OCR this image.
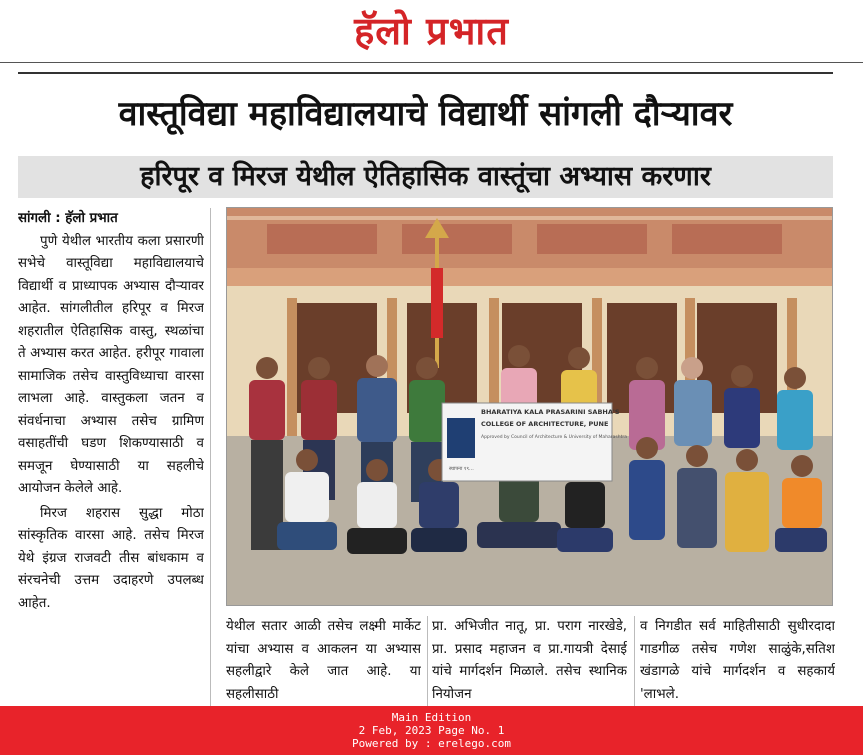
हॅलो प्रभात
वास्तूविद्या महाविद्यालयाचे विद्यार्थी सांगली दौऱ्यावर
हरिपूर व मिरज येथील ऐतिहासिक वास्तूंचा अभ्यास करणार
सांगली : हॅलो प्रभात

पुणे येथील भारतीय कला प्रसारणी सभेचे वास्तूविद्या महाविद्यालयाचे विद्यार्थी व प्राध्यापक अभ्यास दौऱ्यावर आहेत. सांगलीतील हरिपूर व मिरज शहरातील ऐतिहासिक वास्तु, स्थळांचा ते अभ्यास करत आहेत. हरीपूर गावाला सामाजिक तसेच वास्तुविध्याचा वारसा लाभला आहे. वास्तुकला जतन व संवर्धनाचा अभ्यास तसेच ग्रामिण वसाहतींची घडण शिकण्यासाठी व समजून घेण्यासाठी या सहलीचे आयोजन केलेले आहे.

मिरज शहरास सुद्धा मोठा सांस्कृतिक वारसा आहे. तसेच मिरज येथे इंग्रज राजवटी तीस बांधकाम व संरचनेची उत्तम उदाहरणे उपलब्ध आहेत.

BHARATIYA KALA PRASARINI SABHA'S
COLLEGE OF ARCHITECTURE, PUNE
Approved by Council of Architecture & University of Maharashtra
स्थापना १९...
येथील सतार आळी तसेच लक्ष्मी मार्केट यांचा अभ्यास व आकलन या अभ्यास सहलीद्वारे केले जात आहे. या सहलीसाठी
प्रा. अभिजीत नातू, प्रा. पराग नारखेडे, प्रा. प्रसाद महाजन व प्रा.गायत्री देसाई यांचे मार्गदर्शन मिळाले. तसेच स्थानिक नियोजन
व निगडीत सर्व माहितीसाठी सुधीरदादा गाडगीळ तसेच गणेश साळुंके,सतिश खंडागळे यांचे मार्गदर्शन व सहकार्य 'लाभले.
Main Edition
2 Feb, 2023 Page No. 1
Powered by : erelego.com
